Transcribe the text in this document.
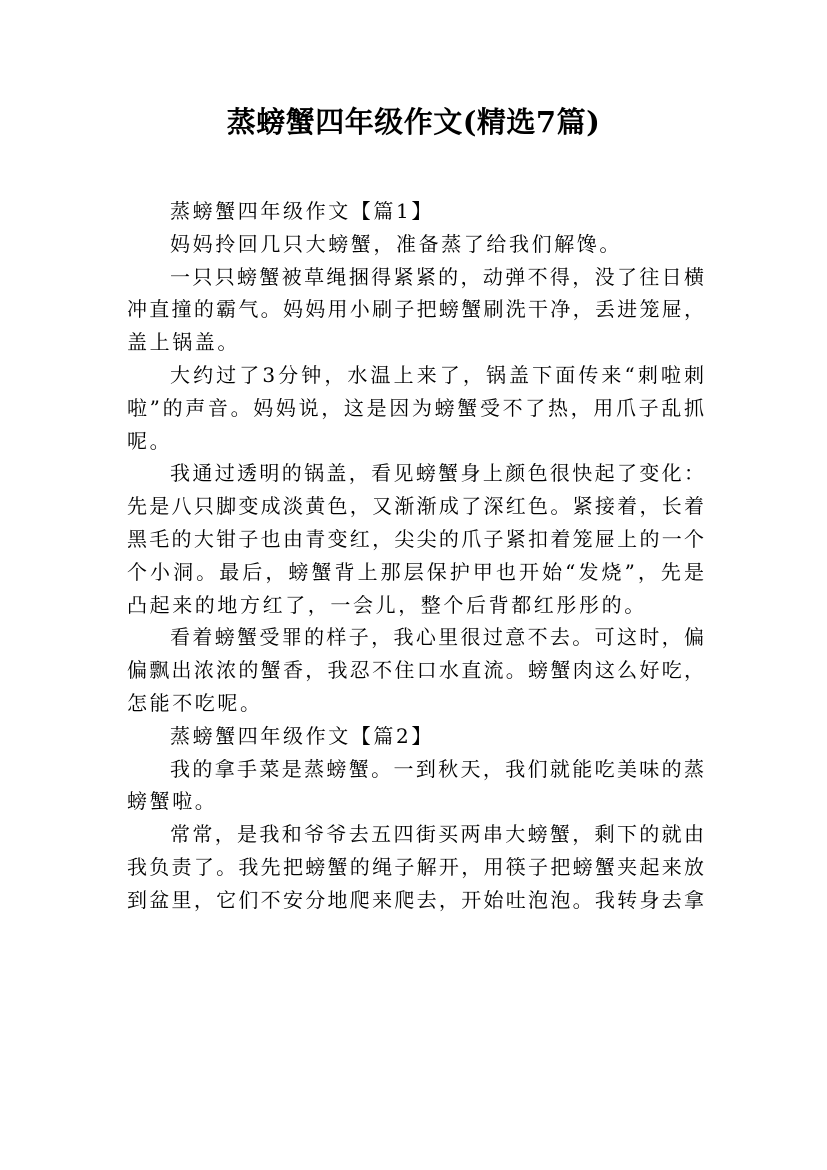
蒸螃蟹四年级作文(精选7篇)
蒸螃蟹四年级作文【篇1】
妈妈拎回几只大螃蟹，准备蒸了给我们解馋。
一只只螃蟹被草绳捆得紧紧的，动弹不得，没了往日横
冲直撞的霸气。妈妈用小刷子把螃蟹刷洗干净，丢进笼屉，
盖上锅盖。
大约过了3分钟，水温上来了，锅盖下面传来“刺啦刺
啦”的声音。妈妈说，这是因为螃蟹受不了热，用爪子乱抓
呢。
我通过透明的锅盖，看见螃蟹身上颜色很快起了变化：
先是八只脚变成淡黄色，又渐渐成了深红色。紧接着，长着
黑毛的大钳子也由青变红，尖尖的爪子紧扣着笼屉上的一个
个小洞。最后，螃蟹背上那层保护甲也开始“发烧”，先是
凸起来的地方红了，一会儿，整个后背都红彤彤的。
看着螃蟹受罪的样子，我心里很过意不去。可这时，偏
偏飘出浓浓的蟹香，我忍不住口水直流。螃蟹肉这么好吃，
怎能不吃呢。
蒸螃蟹四年级作文【篇2】
我的拿手菜是蒸螃蟹。一到秋天，我们就能吃美味的蒸
螃蟹啦。
常常，是我和爷爷去五四街买两串大螃蟹，剩下的就由
我负责了。我先把螃蟹的绳子解开，用筷子把螃蟹夹起来放
到盆里，它们不安分地爬来爬去，开始吐泡泡。我转身去拿
